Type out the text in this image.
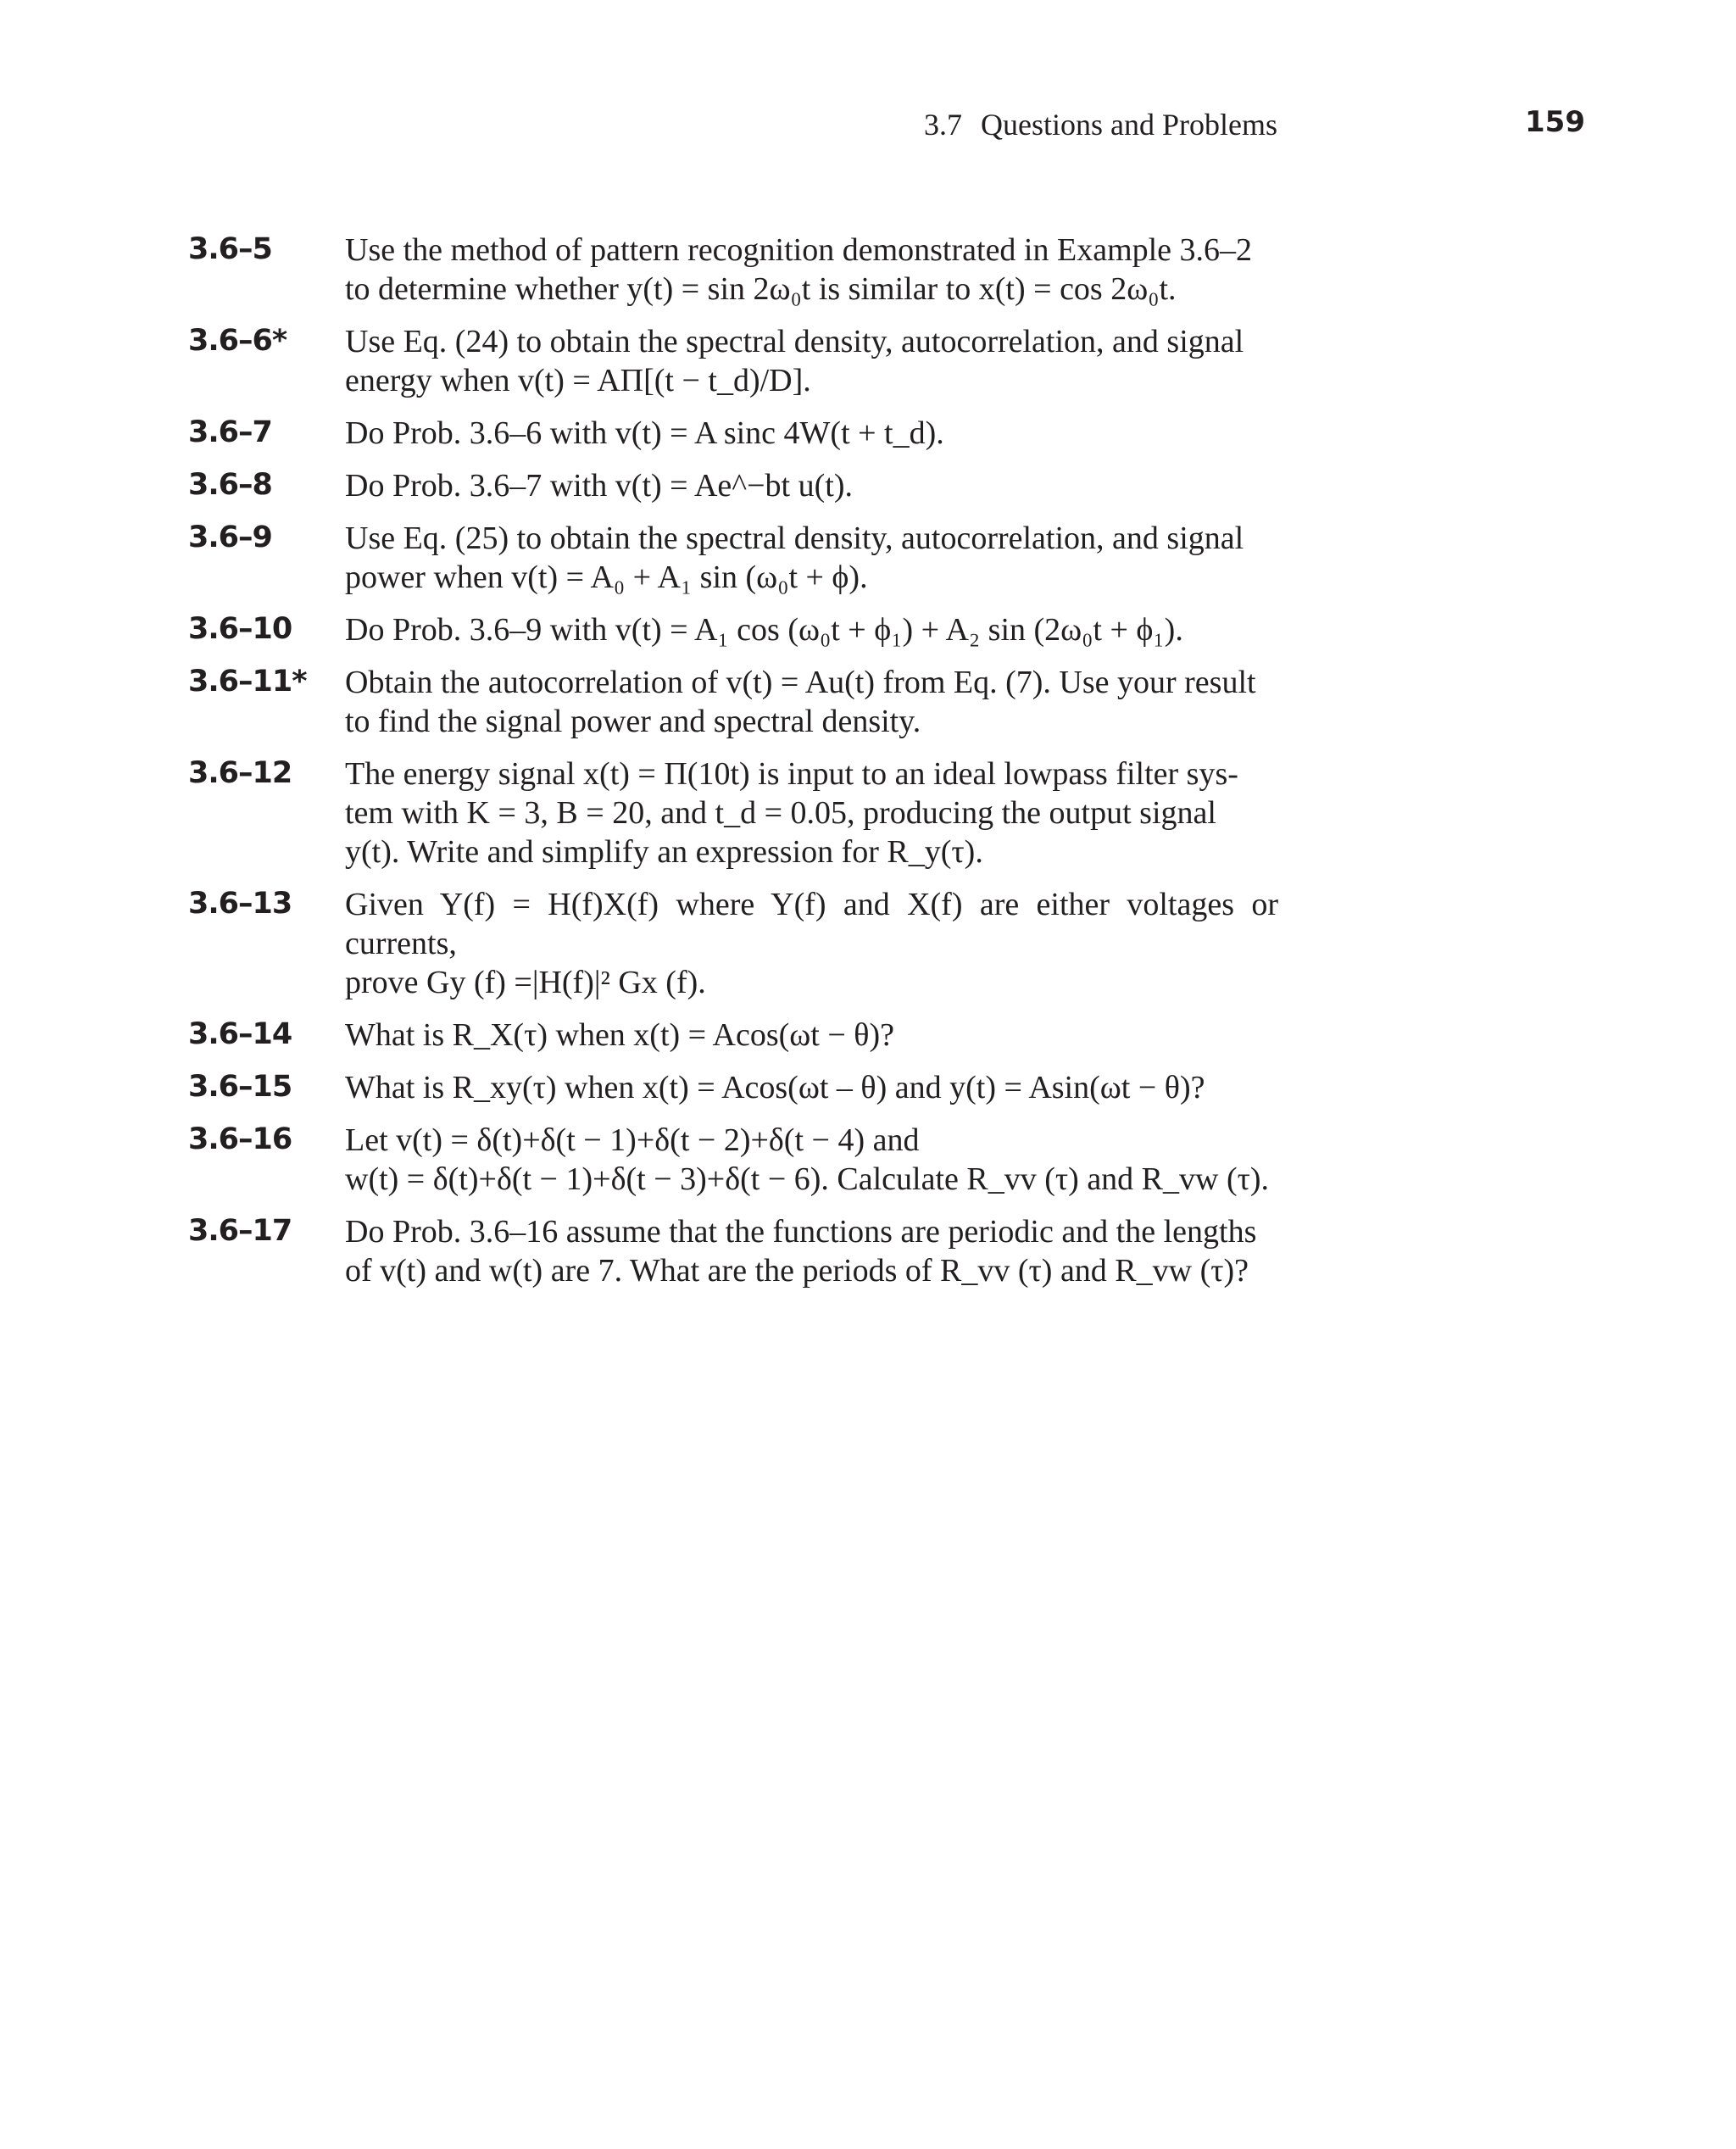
3.7 Questions and Problems	159
3.6–5 Use the method of pattern recognition demonstrated in Example 3.6–2
to determine whether y(t) = sin 2ω₀t is similar to x(t) = cos 2ω₀t.
3.6–6* Use Eq. (24) to obtain the spectral density, autocorrelation, and signal
energy when v(t) = AΠ[(t − t_d)/D].
3.6–7 Do Prob. 3.6–6 with v(t) = A sinc 4W(t + t_d).
3.6–8 Do Prob. 3.6–7 with v(t) = Ae^−bt u(t).
3.6–9 Use Eq. (25) to obtain the spectral density, autocorrelation, and signal
power when v(t) = A₀ + A₁ sin (ω₀t + ϕ).
3.6–10 Do Prob. 3.6–9 with v(t) = A₁ cos (ω₀t + ϕ₁) + A₂ sin (2ω₀t + ϕ₁).
3.6–11* Obtain the autocorrelation of v(t) = Au(t) from Eq. (7). Use your result
to find the signal power and spectral density.
3.6–12 The energy signal x(t) = Π(10t) is input to an ideal lowpass filter sys-
tem with K = 3, B = 20, and t_d = 0.05, producing the output signal
y(t). Write and simplify an expression for R_y(τ).
3.6–13 Given Y(f) = H(f)X(f) where Y(f) and X(f) are either voltages or currents,
prove Gy (f) =|H(f)|² Gx (f).
3.6–14 What is R_X(τ) when x(t) = Acos(ωt − θ)?
3.6–15 What is R_xy(τ) when x(t) = Acos(ωt – θ) and y(t) = Asin(ωt − θ)?
3.6–16 Let v(t) = δ(t)+δ(t − 1)+δ(t − 2)+δ(t − 4) and
w(t) = δ(t)+δ(t − 1)+δ(t − 3)+δ(t − 6). Calculate R_vv (τ) and R_vw (τ).
3.6–17 Do Prob. 3.6–16 assume that the functions are periodic and the lengths
of v(t) and w(t) are 7. What are the periods of R_vv (τ) and R_vw (τ)?
